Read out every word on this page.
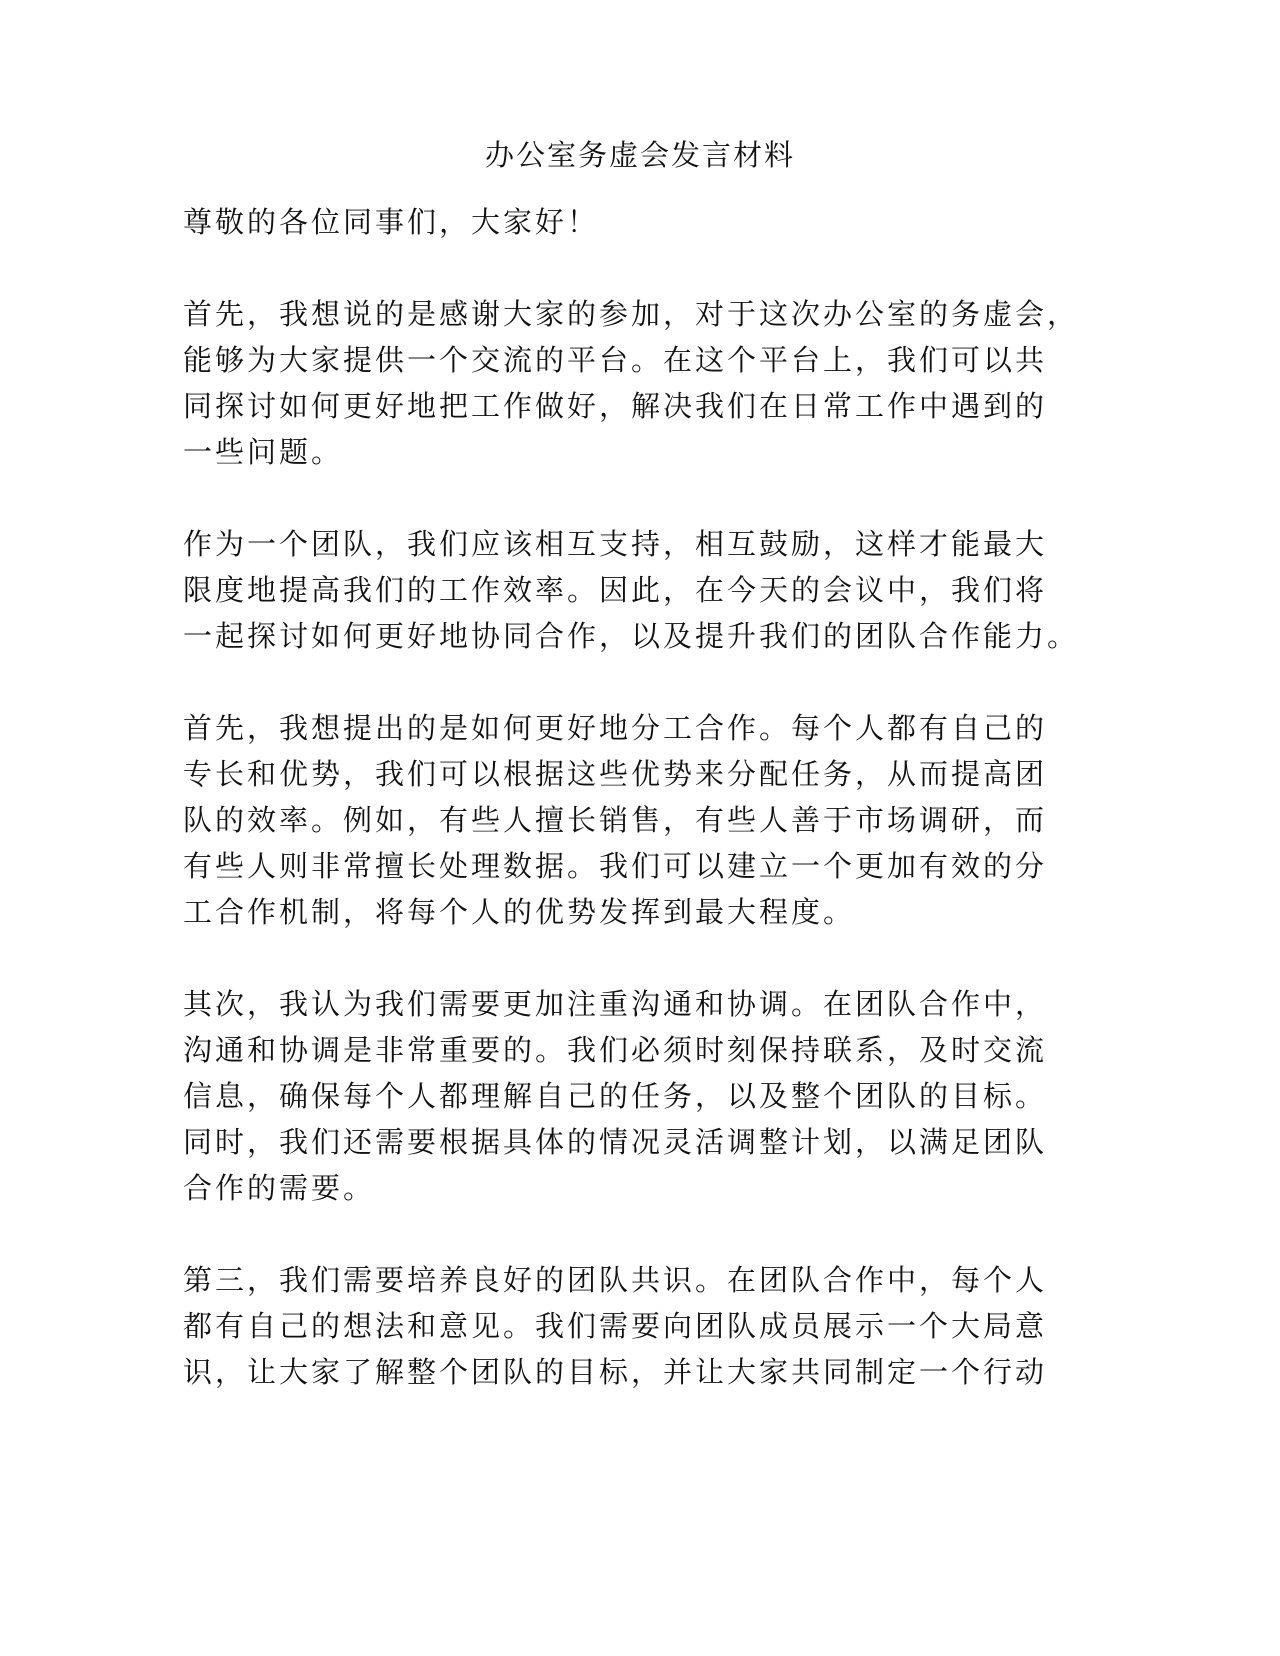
办公室务虚会发言材料
尊敬的各位同事们，大家好！
首先，我想说的是感谢大家的参加，对于这次办公室的务虚会，
能够为大家提供一个交流的平台。在这个平台上，我们可以共
同探讨如何更好地把工作做好，解决我们在日常工作中遇到的
一些问题。
作为一个团队，我们应该相互支持，相互鼓励，这样才能最大
限度地提高我们的工作效率。因此，在今天的会议中，我们将
一起探讨如何更好地协同合作，以及提升我们的团队合作能力。
首先，我想提出的是如何更好地分工合作。每个人都有自己的
专长和优势，我们可以根据这些优势来分配任务，从而提高团
队的效率。例如，有些人擅长销售，有些人善于市场调研，而
有些人则非常擅长处理数据。我们可以建立一个更加有效的分
工合作机制，将每个人的优势发挥到最大程度。
其次，我认为我们需要更加注重沟通和协调。在团队合作中，
沟通和协调是非常重要的。我们必须时刻保持联系，及时交流
信息，确保每个人都理解自己的任务，以及整个团队的目标。
同时，我们还需要根据具体的情况灵活调整计划，以满足团队
合作的需要。
第三，我们需要培养良好的团队共识。在团队合作中，每个人
都有自己的想法和意见。我们需要向团队成员展示一个大局意
识，让大家了解整个团队的目标，并让大家共同制定一个行动
